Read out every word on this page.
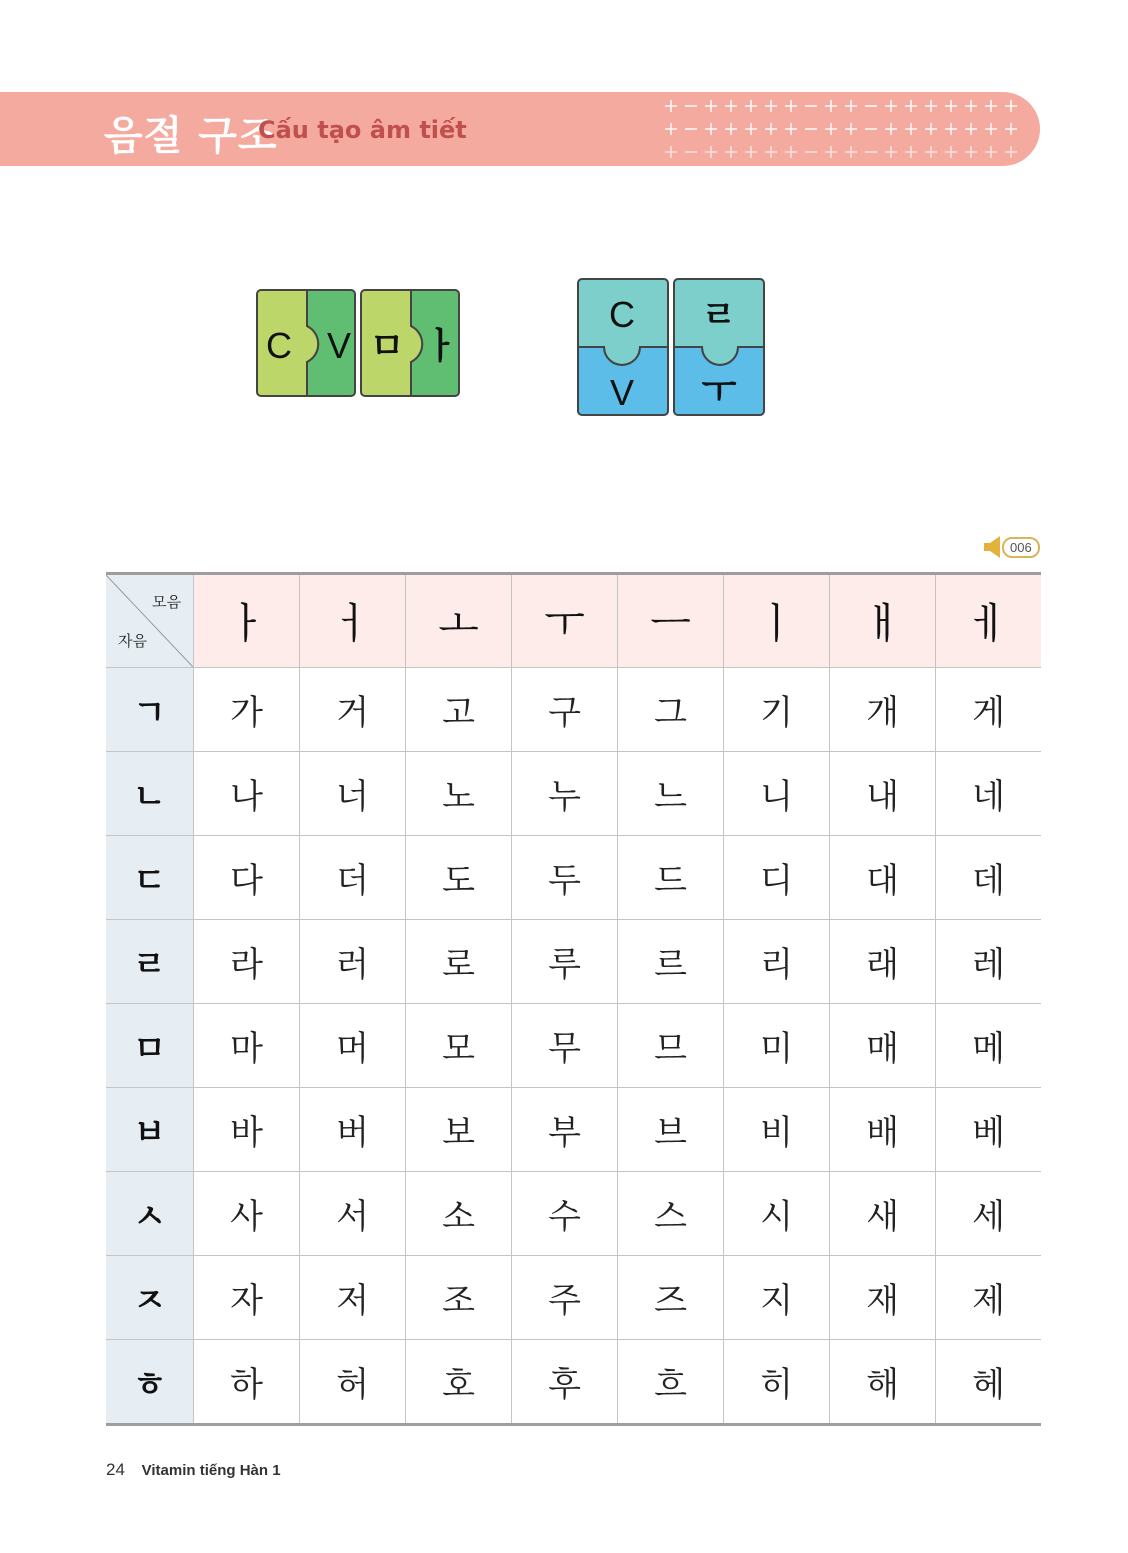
음절 구조
Cấu tạo âm tiết
C V ㅁ ㅏ
C
V
ㄹ
ㅜ
006
모음
자음	ㅏ	ㅓ	ㅗ	ㅜ	ㅡ	ㅣ	ㅐ	ㅔ
ㄱ	가	거	고	구	그	기	개	게
ㄴ	나	너	노	누	느	니	내	네
ㄷ	다	더	도	두	드	디	대	데
ㄹ	라	러	로	루	르	리	래	레
ㅁ	마	머	모	무	므	미	매	메
ㅂ	바	버	보	부	브	비	배	베
ㅅ	사	서	소	수	스	시	새	세
ㅈ	자	저	조	주	즈	지	재	제
ㅎ	하	허	호	후	흐	히	해	헤
24 Vitamin tiếng Hàn 1
